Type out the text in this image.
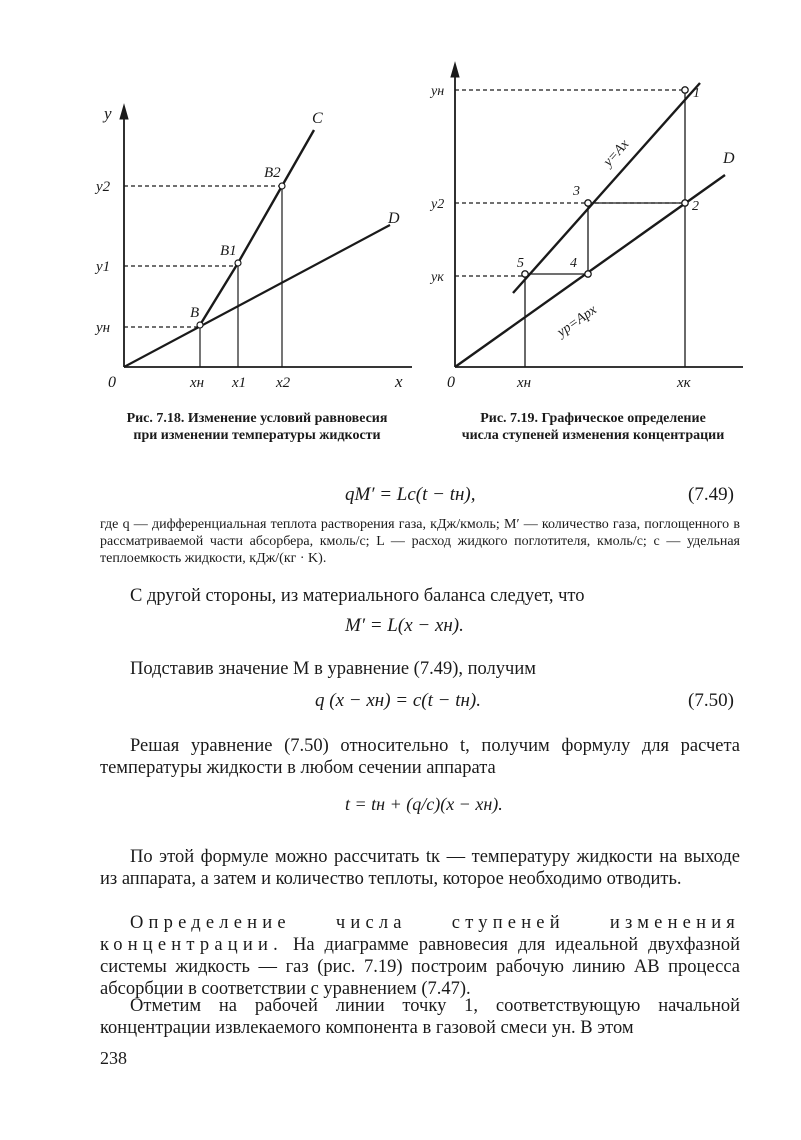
y
y2
y1
yн
0	xн x1 x2	x
B
B1
B2
C
D
yн
y2
yк
0	xн	xк
1
2
3
4
5
D
y=Ax
yр=Aрx
Рис. 7.18. Изменение условий равновесия
при изменении температуры жидкости
Рис. 7.19. Графическое определение
числа ступеней изменения концентрации
qM′ = Lc(t − tн),	(7.49)
где q — дифференциальная теплота растворения газа, кДж/кмоль; M′ — количество газа, поглощенного в рассматриваемой части абсорбера, кмоль/с; L — расход жидкого поглотителя, кмоль/с; c — удельная теплоемкость жидкости, кДж/(кг · K).
С другой стороны, из материального баланса следует, что
M′ = L(x − xн).
Подставив значение M в уравнение (7.49), получим
q (x − xн) = c(t − tн).	(7.50)
Решая уравнение (7.50) относительно t, получим формулу для расчета температуры жидкости в любом сечении аппарата
t = tн + (q/c)(x − xн).
По этой формуле можно рассчитать tк — температуру жидкости на выходе из аппарата, а затем и количество теплоты, которое необходимо отводить.
Определение числа ступеней изменения концентрации. На диаграмме равновесия для идеальной двухфазной системы жидкость — газ (рис. 7.19) построим рабочую линию AB процесса абсорбции в соответствии с уравнением (7.47).
Отметим на рабочей линии точку 1, соответствующую начальной концентрации извлекаемого компонента в газовой смеси yн. В этом
238
